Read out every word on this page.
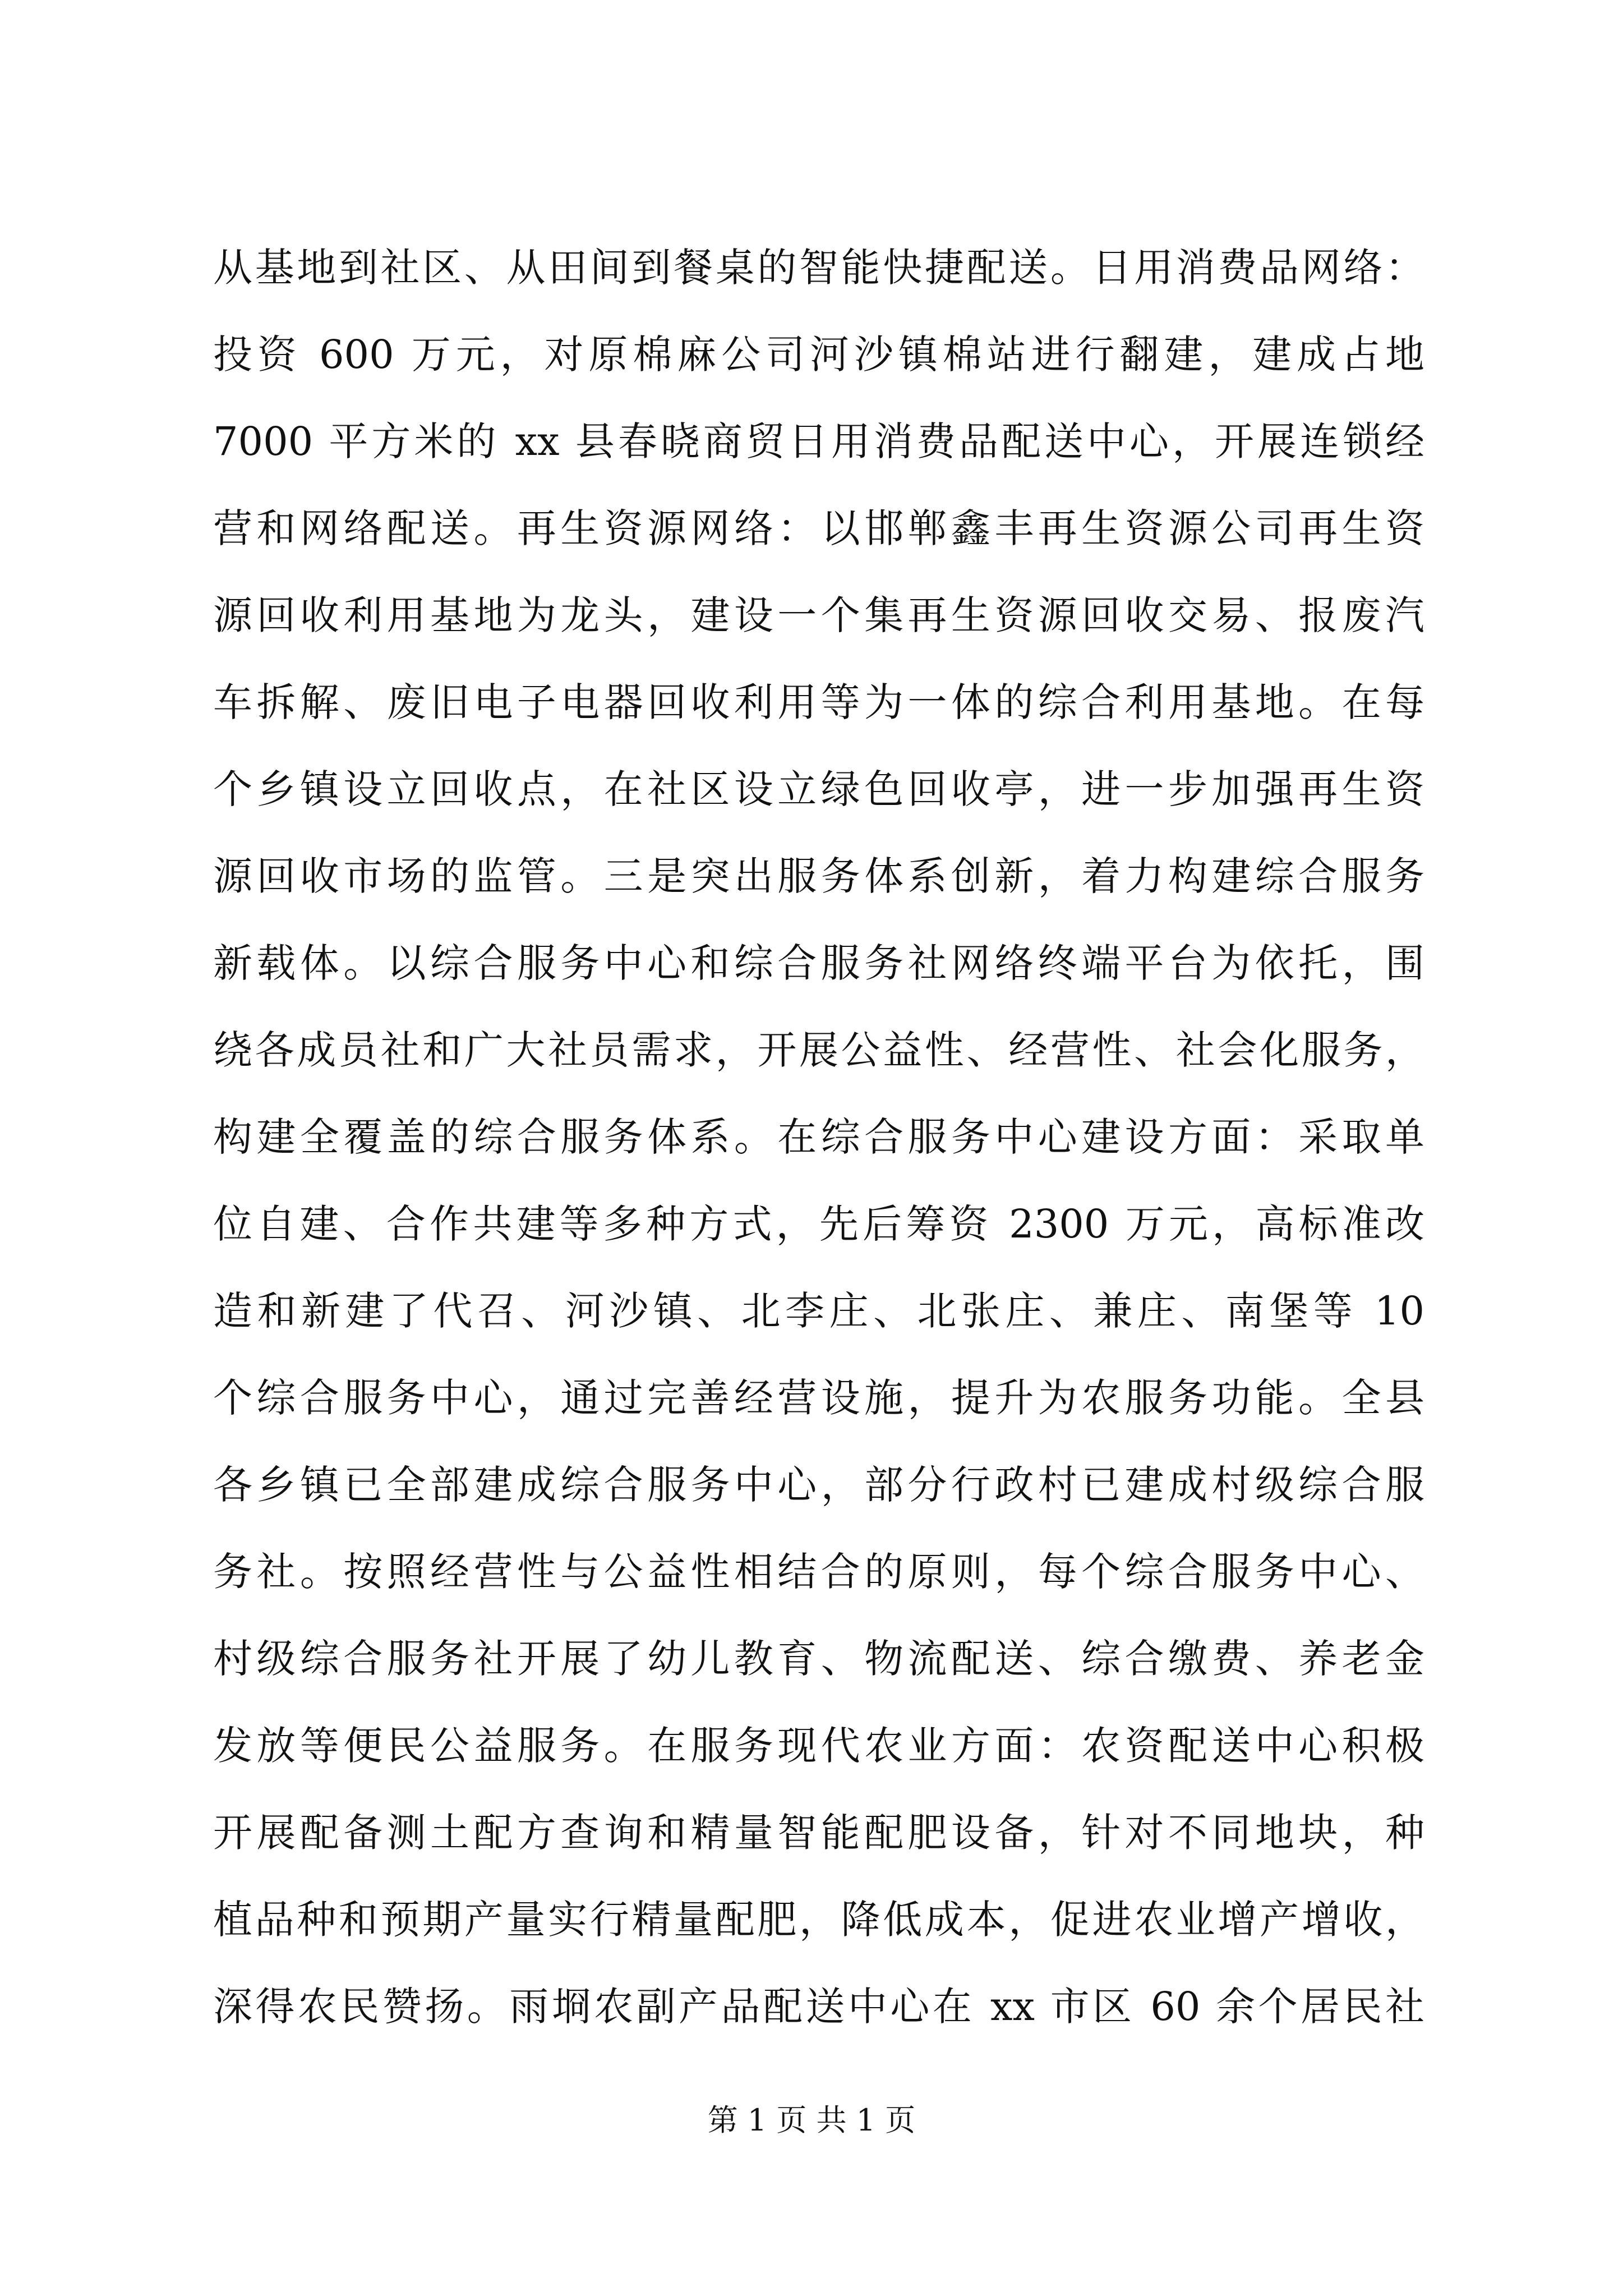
从基地到社区、从田间到餐桌的智能快捷配送。日用消费品网络：
投资 600 万元，对原棉麻公司河沙镇棉站进行翻建，建成占地
7000 平方米的 xx 县春晓商贸日用消费品配送中心，开展连锁经
营和网络配送。再生资源网络：以邯郸鑫丰再生资源公司再生资
源回收利用基地为龙头，建设一个集再生资源回收交易、报废汽
车拆解、废旧电子电器回收利用等为一体的综合利用基地。在每
个乡镇设立回收点，在社区设立绿色回收亭，进一步加强再生资
源回收市场的监管。三是突出服务体系创新，着力构建综合服务
新载体。以综合服务中心和综合服务社网络终端平台为依托，围
绕各成员社和广大社员需求，开展公益性、经营性、社会化服务，
构建全覆盖的综合服务体系。在综合服务中心建设方面：采取单
位自建、合作共建等多种方式，先后筹资 2300 万元，高标准改
造和新建了代召、河沙镇、北李庄、北张庄、兼庄、南堡等 10
个综合服务中心，通过完善经营设施，提升为农服务功能。全县
各乡镇已全部建成综合服务中心，部分行政村已建成村级综合服
务社。按照经营性与公益性相结合的原则，每个综合服务中心、
村级综合服务社开展了幼儿教育、物流配送、综合缴费、养老金
发放等便民公益服务。在服务现代农业方面：农资配送中心积极
开展配备测土配方查询和精量智能配肥设备，针对不同地块，种
植品种和预期产量实行精量配肥，降低成本，促进农业增产增收，
深得农民赞扬。雨埛农副产品配送中心在 xx 市区 60 余个居民社
第 1 页 共 1 页
